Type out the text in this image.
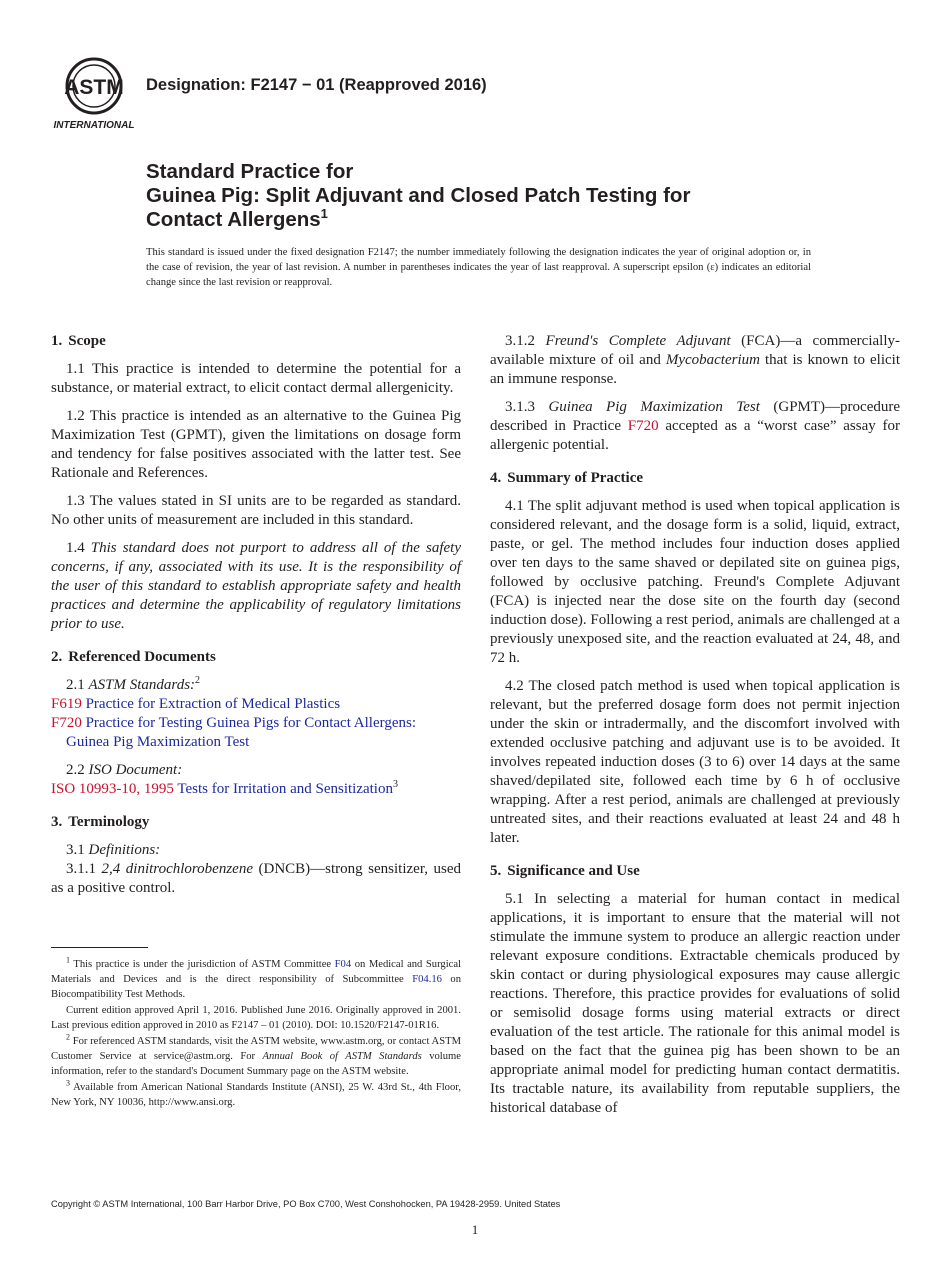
ASTM
INTERNATIONAL
Designation: F2147 − 01 (Reapproved 2016)
Standard Practice for
Guinea Pig: Split Adjuvant and Closed Patch Testing for
Contact Allergens$^1$
This standard is issued under the fixed designation F2147; the number immediately following the designation indicates the year of original adoption or, in the case of revision, the year of last revision. A number in parentheses indicates the year of last reapproval. A superscript epsilon (ε) indicates an editorial change since the last revision or reapproval.
1. Scope

1.1 This practice is intended to determine the potential for a substance, or material extract, to elicit contact dermal allergenicity.

1.2 This practice is intended as an alternative to the Guinea Pig Maximization Test (GPMT), given the limitations on dosage form and tendency for false positives associated with the latter test. See Rationale and References.

1.3 The values stated in SI units are to be regarded as standard. No other units of measurement are included in this standard.

1.4 This standard does not purport to address all of the safety concerns, if any, associated with its use. It is the responsibility of the user of this standard to establish appropriate safety and health practices and determine the applicability of regulatory limitations prior to use.

2. Referenced Documents

2.1 ASTM Standards:$^2$

F619 Practice for Extraction of Medical Plastics
F720 Practice for Testing Guinea Pigs for Contact Allergens: Guinea Pig Maximization Test

2.2 ISO Document:

ISO 10993-10, 1995 Tests for Irritation and Sensitization$^3$
3. Terminology

3.1 Definitions:

3.1.1 2,4 dinitrochlorobenzene (DNCB)—strong sensitizer, used as a positive control.

3.1.2 Freund's Complete Adjuvant (FCA)—a commercially-available mixture of oil and Mycobacterium that is known to elicit an immune response.

3.1.3 Guinea Pig Maximization Test (GPMT)—procedure described in Practice F720 accepted as a “worst case” assay for allergenic potential.

4. Summary of Practice

4.1 The split adjuvant method is used when topical application is considered relevant, and the dosage form is a solid, liquid, extract, paste, or gel. The method includes four induction doses applied over ten days to the same shaved or depilated site on guinea pigs, followed by occlusive patching. Freund's Complete Adjuvant (FCA) is injected near the dose site on the fourth day (second induction dose). Following a rest period, animals are challenged at a previously unexposed site, and the reaction evaluated at 24, 48, and 72 h.

4.2 The closed patch method is used when topical application is relevant, but the preferred dosage form does not permit injection under the skin or intradermally, and the discomfort involved with extended occlusive patching and adjuvant use is to be avoided. It involves repeated induction doses (3 to 6) over 14 days at the same shaved/depilated site, followed each time by 6 h of occlusive wrapping. After a rest period, animals are challenged at previously untreated sites, and their reactions evaluated at least 24 and 48 h later.

5. Significance and Use

5.1 In selecting a material for human contact in medical applications, it is important to ensure that the material will not stimulate the immune system to produce an allergic reaction under relevant exposure conditions. Extractable chemicals produced by skin contact or during physiological exposures may cause allergic reactions. Therefore, this practice provides for evaluations of solid or semisolid dosage forms using material extracts or direct evaluation of the test article. The rationale for this animal model is based on the fact that the guinea pig has been shown to be an appropriate animal model for predicting human contact dermatitis. Its tractable nature, its availability from reputable suppliers, the historical database of

$^1$ This practice is under the jurisdiction of ASTM Committee F04 on Medical and Surgical Materials and Devices and is the direct responsibility of Subcommittee F04.16 on Biocompatibility Test Methods.

Current edition approved April 1, 2016. Published June 2016. Originally approved in 2001. Last previous edition approved in 2010 as F2147 – 01 (2010). DOI: 10.1520/F2147-01R16.

$^2$ For referenced ASTM standards, visit the ASTM website, www.astm.org, or contact ASTM Customer Service at service@astm.org. For Annual Book of ASTM Standards volume information, refer to the standard's Document Summary page on the ASTM website.

$^3$ Available from American National Standards Institute (ANSI), 25 W. 43rd St., 4th Floor, New York, NY 10036, http://www.ansi.org.

Copyright © ASTM International, 100 Barr Harbor Drive, PO Box C700, West Conshohocken, PA 19428-2959. United States
1
